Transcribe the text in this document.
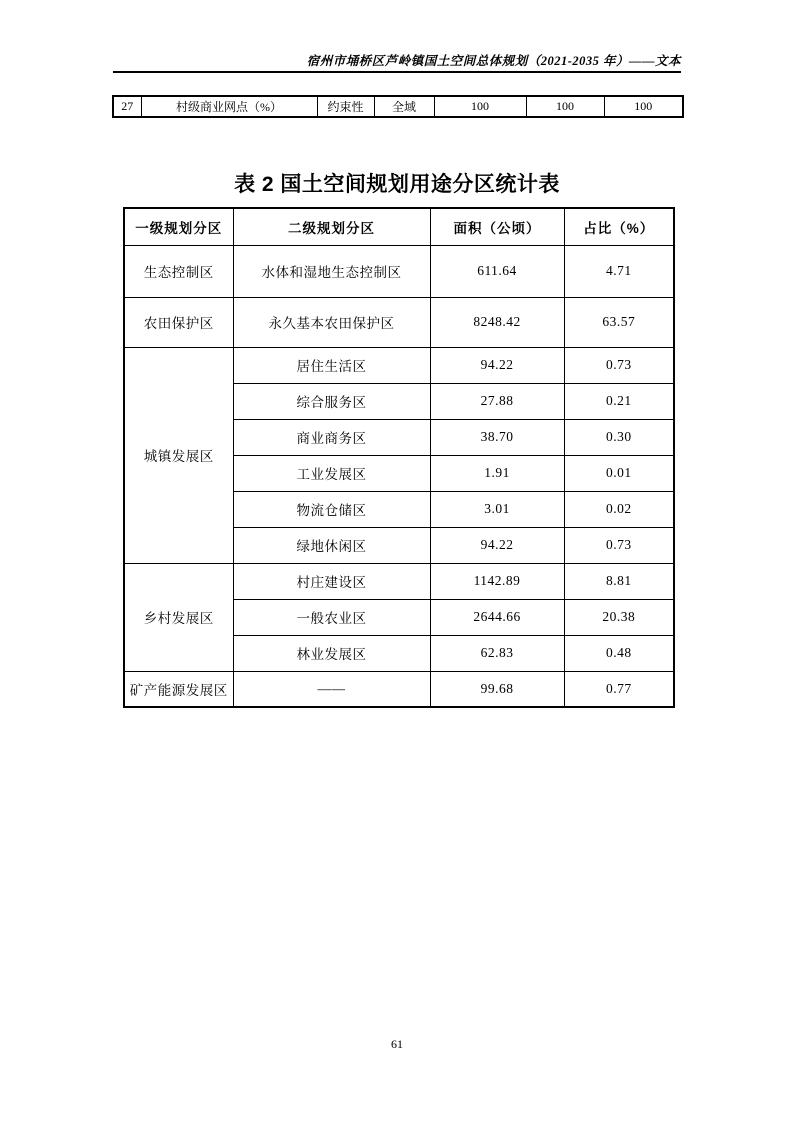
宿州市埇桥区芦岭镇国土空间总体规划（2021-2035 年）——文本
27	村级商业网点（%）	约束性	全域	100	100	100
表 2 国土空间规划用途分区统计表
一级规划分区	二级规划分区	面积（公顷）	占比（%）
生态控制区	水体和湿地生态控制区	611.64	4.71
农田保护区	永久基本农田保护区	8248.42	63.57
城镇发展区	居住生活区	94.22	0.73
	综合服务区	27.88	0.21
	商业商务区	38.70	0.30
	工业发展区	1.91	0.01
	物流仓储区	3.01	0.02
	绿地休闲区	94.22	0.73
乡村发展区	村庄建设区	1142.89	8.81
	一般农业区	2644.66	20.38
	林业发展区	62.83	0.48
矿产能源发展区	——	99.68	0.77
61
